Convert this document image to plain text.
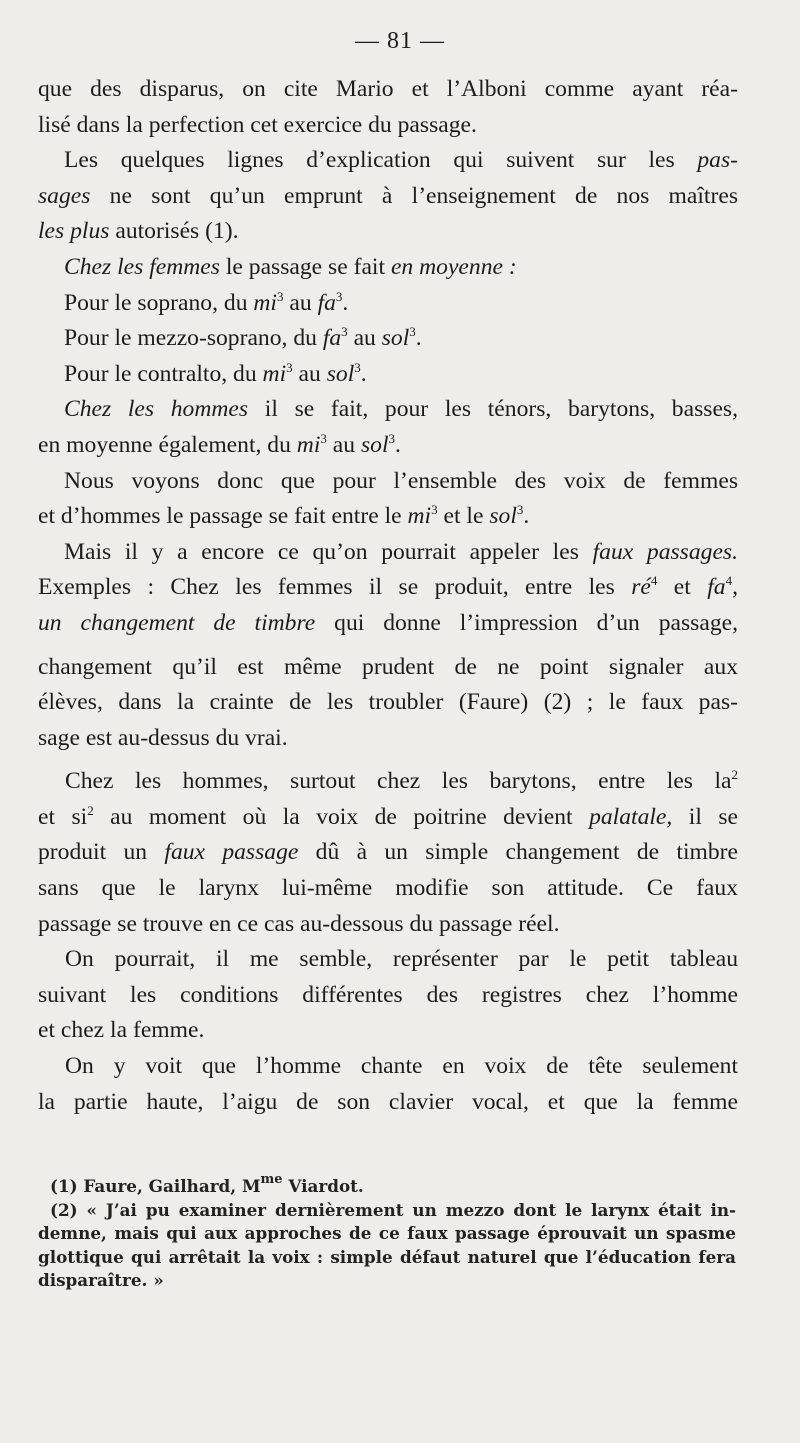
— 81 —
que des disparus, on cite Mario et l’Alboni comme ayant réa-
lisé dans la perfection cet exercice du passage.
Les quelques lignes d’explication qui suivent sur les pas-
sages ne sont qu’un emprunt à l’enseignement de nos maîtres
les plus autorisés (1).
Chez les femmes le passage se fait en moyenne :
Pour le soprano, du $mi^3$ au $fa^3$.
Pour le mezzo-soprano, du $fa^3$ au sol$^3$.
Pour le contralto, du $mi^3$ au sol$^3$.
Chez les hommes il se fait, pour les ténors, barytons, basses,
en moyenne également, du $mi^3$ au sol$^3$.
Nous voyons donc que pour l’ensemble des voix de femmes
et d’hommes le passage se fait entre le $mi^3$ et le sol$^3$.
Mais il y a encore ce qu’on pourrait appeler les faux passages.
Exemples : Chez les femmes il se produit, entre les $ré^4$ et $fa^4$,
un changement de timbre qui donne l’impression d’un passage,
changement qu’il est même prudent de ne point signaler aux
élèves, dans la crainte de les troubler (Faure) (2) ; le faux pas-
sage est au-dessus du vrai.
Chez les hommes, surtout chez les barytons, entre les $la^2$
et $si^2$ au moment où la voix de poitrine devient palatale, il se
produit un faux passage dû à un simple changement de timbre
sans que le larynx lui-même modifie son attitude. Ce faux
passage se trouve en ce cas au-dessous du passage réel.
On pourrait, il me semble, représenter par le petit tableau
suivant les conditions différentes des registres chez l’homme
et chez la femme.
On y voit que l’homme chante en voix de tête seulement
la partie haute, l’aigu de son clavier vocal, et que la femme
(1) Faure, Gailhard, $M^{me}$ Viardot.
(2) « J’ai pu examiner dernièrement un mezzo dont le larynx était in-
demne, mais qui aux approches de ce faux passage éprouvait un spasme
glottique qui arrêtait la voix : simple défaut naturel que l’éducation fera
disparaître. »
